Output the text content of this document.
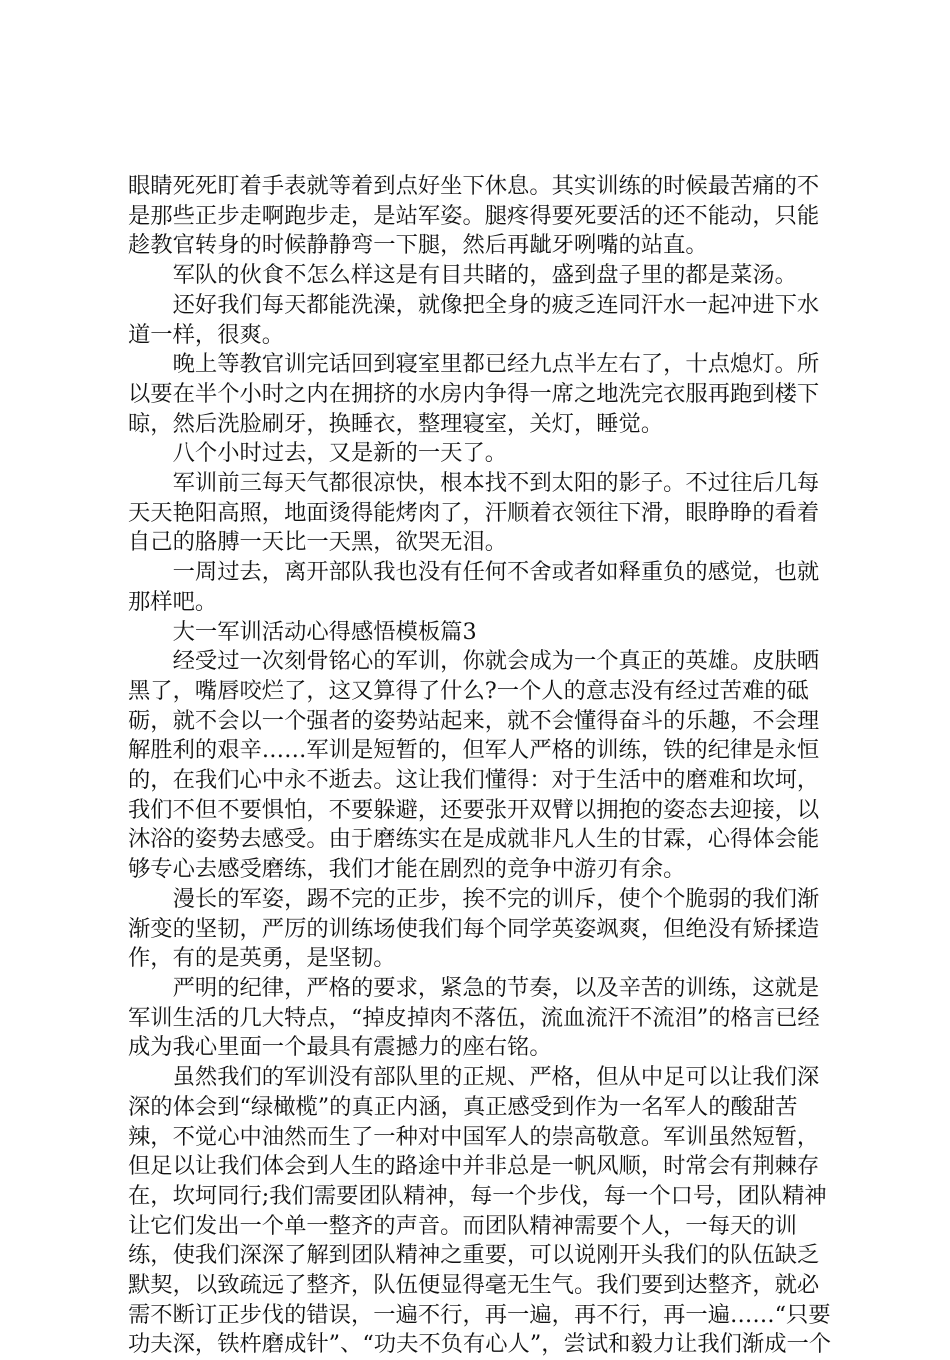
眼睛死死盯着手表就等着到点好坐下休息。其实训练的时候最苦痛的不是那些正步走啊跑步走，是站军姿。腿疼得要死要活的还不能动，只能趁教官转身的时候静静弯一下腿，然后再龇牙咧嘴的站直。

军队的伙食不怎么样这是有目共睹的，盛到盘子里的都是菜汤。

还好我们每天都能洗澡，就像把全身的疲乏连同汗水一起冲进下水道一样，很爽。

晚上等教官训完话回到寝室里都已经九点半左右了，十点熄灯。所以要在半个小时之内在拥挤的水房内争得一席之地洗完衣服再跑到楼下晾，然后洗脸刷牙，换睡衣，整理寝室，关灯，睡觉。

八个小时过去，又是新的一天了。

军训前三每天气都很凉快，根本找不到太阳的影子。不过往后几每天天艳阳高照，地面烫得能烤肉了，汗顺着衣领往下滑，眼睁睁的看着自己的胳膊一天比一天黑，欲哭无泪。

一周过去，离开部队我也没有任何不舍或者如释重负的感觉，也就那样吧。

大一军训活动心得感悟模板篇3

经受过一次刻骨铭心的军训，你就会成为一个真正的英雄。皮肤晒黑了，嘴唇咬烂了，这又算得了什么?一个人的意志没有经过苦难的砥砺，就不会以一个强者的姿势站起来，就不会懂得奋斗的乐趣，不会理解胜利的艰辛……军训是短暂的，但军人严格的训练，铁的纪律是永恒的，在我们心中永不逝去。这让我们懂得：对于生活中的磨难和坎坷，我们不但不要惧怕，不要躲避，还要张开双臂以拥抱的姿态去迎接，以沐浴的姿势去感受。由于磨练实在是成就非凡人生的甘霖，心得体会能够专心去感受磨练，我们才能在剧烈的竞争中游刃有余。

漫长的军姿，踢不完的正步，挨不完的训斥，使个个脆弱的我们渐渐变的坚韧，严厉的训练场使我们每个同学英姿飒爽，但绝没有矫揉造作，有的是英勇，是坚韧。

严明的纪律，严格的要求，紧急的节奏，以及辛苦的训练，这就是军训生活的几大特点，“掉皮掉肉不落伍，流血流汗不流泪”的格言已经成为我心里面一个最具有震撼力的座右铭。

虽然我们的军训没有部队里的正规、严格，但从中足可以让我们深深的体会到“绿橄榄”的真正内涵，真正感受到作为一名军人的酸甜苦辣，不觉心中油然而生了一种对中国军人的崇高敬意。军训虽然短暂，但足以让我们体会到人生的路途中并非总是一帆风顺，时常会有荆棘存在，坎坷同行;我们需要团队精神，每一个步伐，每一个口号，团队精神让它们发出一个单一整齐的声音。而团队精神需要个人，一每天的训练，使我们深深了解到团队精神之重要，可以说刚开头我们的队伍缺乏默契，以致疏远了整齐，队伍便显得毫无生气。我们要到达整齐，就必需不断订正步伐的错误，一遍不行，再一遍，再不行，再一遍……“只要功夫深，铁杵磨成针”、“功夫不负有心人”，尝试和毅力让我们渐成一个
